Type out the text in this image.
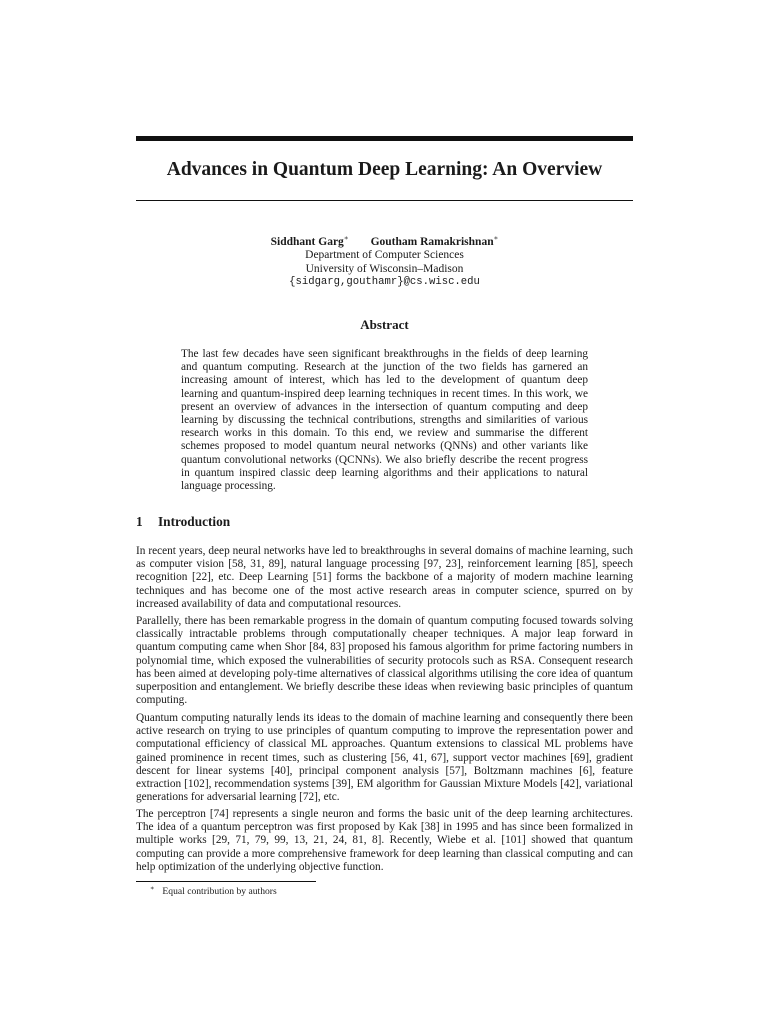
Advances in Quantum Deep Learning: An Overview
Siddhant Garg∗ Goutham Ramakrishnan∗
Department of Computer Sciences
University of Wisconsin–Madison
{sidgarg,gouthamr}@cs.wisc.edu
Abstract

The last few decades have seen significant breakthroughs in the fields of deep learning and quantum computing. Research at the junction of the two fields has garnered an increasing amount of interest, which has led to the development of quantum deep learning and quantum-inspired deep learning techniques in recent times. In this work, we present an overview of advances in the intersection of quantum computing and deep learning by discussing the technical contributions, strengths and similarities of various research works in this domain. To this end, we review and summarise the different schemes proposed to model quantum neural networks (QNNs) and other variants like quantum convolutional networks (QCNNs). We also briefly describe the recent progress in quantum inspired classic deep learning algorithms and their applications to natural language processing.

1 Introduction

In recent years, deep neural networks have led to breakthroughs in several domains of machine learning, such as computer vision [58, 31, 89], natural language processing [97, 23], reinforcement learning [85], speech recognition [22], etc. Deep Learning [51] forms the backbone of a majority of modern machine learning techniques and has become one of the most active research areas in computer science, spurred on by increased availability of data and computational resources.

Parallelly, there has been remarkable progress in the domain of quantum computing focused towards solving classically intractable problems through computationally cheaper techniques. A major leap forward in quantum computing came when Shor [84, 83] proposed his famous algorithm for prime factoring numbers in polynomial time, which exposed the vulnerabilities of security protocols such as RSA. Consequent research has been aimed at developing poly-time alternatives of classical algorithms utilising the core idea of quantum superposition and entanglement. We briefly describe these ideas when reviewing basic principles of quantum computing.

Quantum computing naturally lends its ideas to the domain of machine learning and consequently there been active research on trying to use principles of quantum computing to improve the representation power and computational efficiency of classical ML approaches. Quantum extensions to classical ML problems have gained prominence in recent times, such as clustering [56, 41, 67], support vector machines [69], gradient descent for linear systems [40], principal component analysis [57], Boltzmann machines [6], feature extraction [102], recommendation systems [39], EM algorithm for Gaussian Mixture Models [42], variational generations for adversarial learning [72], etc.

The perceptron [74] represents a single neuron and forms the basic unit of the deep learning architectures. The idea of a quantum perceptron was first proposed by Kak [38] in 1995 and has since been formalized in multiple works [29, 71, 79, 99, 13, 21, 24, 81, 8]. Recently, Wiebe et al. [101] showed that quantum computing can provide a more comprehensive framework for deep learning than classical computing and can help optimization of the underlying objective function.

∗ Equal contribution by authors
